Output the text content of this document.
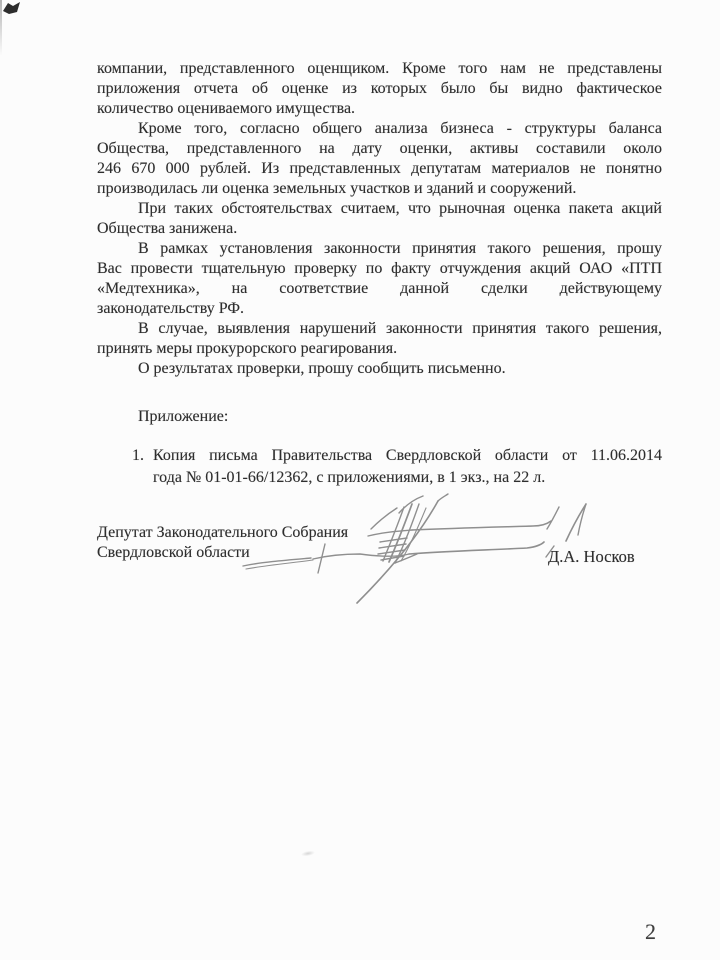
компании, представленного оценщиком. Кроме того нам не представлены
приложения отчета об оценке из которых было бы видно фактическое
количество оцениваемого имущества.
Кроме того, согласно общего анализа бизнеса - структуры баланса
Общества, представленного на дату оценки, активы составили около
246 670 000 рублей. Из представленных депутатам материалов не понятно
производилась ли оценка земельных участков и зданий и сооружений.
При таких обстоятельствах считаем, что рыночная оценка пакета акций
Общества занижена.
В рамках установления законности принятия такого решения, прошу
Вас провести тщательную проверку по факту отчуждения акций ОАО «ПТП
«Медтехника», на соответствие данной сделки действующему
законодательству РФ.
В случае, выявления нарушений законности принятия такого решения,
принять меры прокурорского реагирования.
О результатах проверки, прошу сообщить письменно.
Приложение:
1. Копия письма Правительства Свердловской области от 11.06.2014
года № 01-01-66/12362, с приложениями, в 1 экз., на 22 л.
Депутат Законодательного Собрания
Свердловской области	Д.А. Носков
2
